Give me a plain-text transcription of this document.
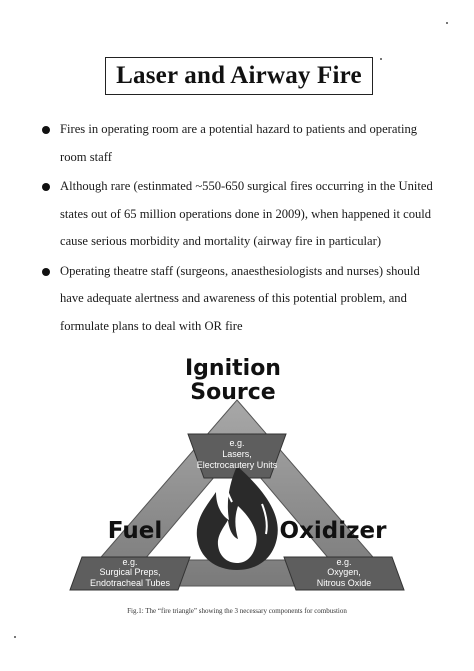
Laser and Airway Fire
Fires in operating room are a potential hazard to patients and operating
room staff
Although rare (estinmated ~550-650 surgical fires occurring in the United
states out of 65 million operations done in 2009), when happened it could
cause serious morbidity and mortality (airway fire in particular)
Operating theatre staff (surgeons, anaesthesiologists and nurses) should
have adequate alertness and awareness of this potential problem, and
formulate plans to deal with OR fire
Ignition
Source
Fuel	Oxidizer
e.g.
Lasers,
Electrocautery Units
e.g.
Surgical Preps,
Endotracheal Tubes
e.g.
Oxygen,
Nitrous Oxide
Fig.1: The “fire triangle” showing the 3 necessary components for combustion
